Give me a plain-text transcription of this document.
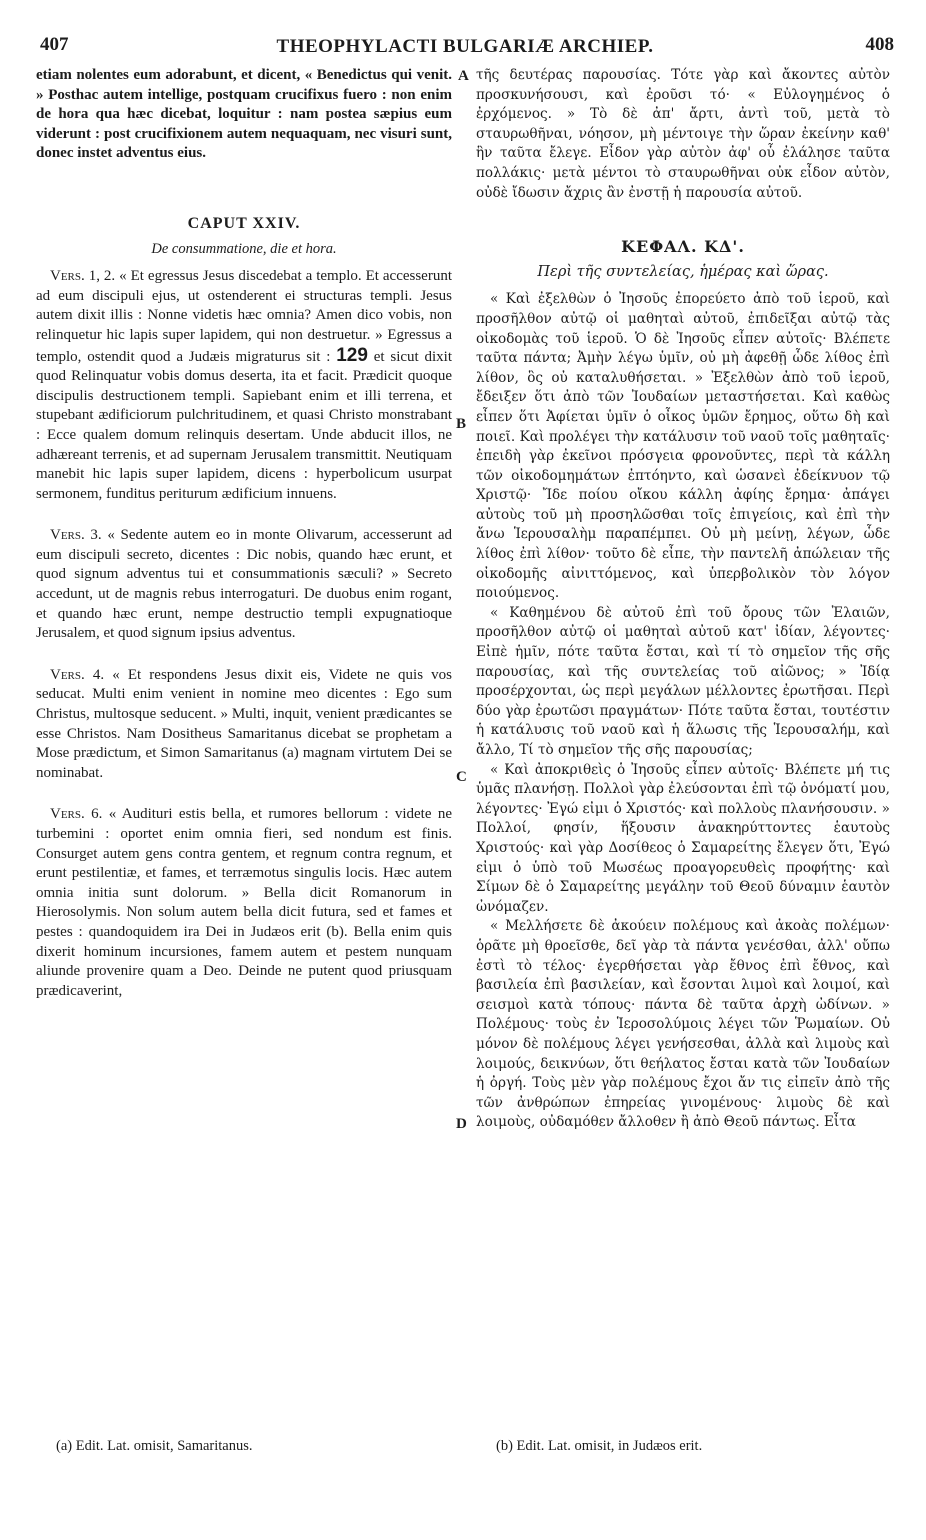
407	THEOPHYLACTI BULGARIÆ ARCHIEP.	408
A
B
C
D

etiam nolentes eum adorabunt, et dicent, « Benedictus qui venit. » Posthac autem intellige, postquam crucifixus fuero : non enim de hora qua hæc dicebat, loquitur : nam postea sæpius eum viderunt : post crucifixionem autem nequaquam, nec visuri sunt, donec instet adventus eius.

CAPUT XXIV.
De consummatione, die et hora.

Vers. 1, 2. « Et egressus Jesus discedebat a templo. Et accesserunt ad eum discipuli ejus, ut ostenderent ei structuras templi. Jesus autem dixit illis : Nonne videtis hæc omnia? Amen dico vobis, non relinquetur hic lapis super lapidem, qui non destruetur. » Egressus a templo, ostendit quod a Judæis migraturus sit : 129 et sicut dixit quod Relinquatur vobis domus deserta, ita et facit. Prædicit quoque discipulis destructionem templi. Sapiebant enim et illi terrena, et stupebant ædificiorum pulchritudinem, et quasi Christo monstrabant : Ecce qualem domum relinquis desertam. Unde abducit illos, ne adhæreant terrenis, et ad supernam Jerusalem transmittit. Neutiquam manebit hic lapis super lapidem, dicens : hyperbolicum usurpat sermonem, funditus periturum ædificium innuens.

Vers. 3. « Sedente autem eo in monte Olivarum, accesserunt ad eum discipuli secreto, dicentes : Dic nobis, quando hæc erunt, et quod signum adventus tui et consummationis sæculi? » Secreto accedunt, ut de magnis rebus interrogaturi. De duobus enim rogant, et quando hæc erunt, nempe destructio templi expugnatioque Jerusalem, et quod signum ipsius adventus.

Vers. 4. « Et respondens Jesus dixit eis, Videte ne quis vos seducat. Multi enim venient in nomine meo dicentes : Ego sum Christus, multosque seducent. » Multi, inquit, venient prædicantes se esse Christos. Nam Dositheus Samaritanus dicebat se prophetam a Mose prædictum, et Simon Samaritanus (a) magnam virtutem Dei se nominabat.

Vers. 6. « Audituri estis bella, et rumores bellorum : videte ne turbemini : oportet enim omnia fieri, sed nondum est finis. Consurget autem gens contra gentem, et regnum contra regnum, et erunt pestilentiæ, et fames, et terræmotus singulis locis. Hæc autem omnia initia sunt dolorum. » Bella dicit Romanorum in Hierosolymis. Non solum autem bella dicit futura, sed et fames et pestes : quandoquidem ira Dei in Judæos erit (b). Bella enim quis dixerit hominum incursiones, famem autem et pestem nunquam aliunde provenire quam a Deo. Deinde ne putent quod priusquam prædicaverint,

τῆς δευτέρας παρουσίας. Τότε γὰρ καὶ ἄκοντες αὐτὸν προσκυνήσουσι, καὶ ἐροῦσι τό· « Εὐλογημένος ὁ ἐρχόμενος. » Τὸ δὲ ἀπ' ἄρτι, ἀντὶ τοῦ, μετὰ τὸ σταυρωθῆναι, νόησον, μὴ μέντοιγε τὴν ὥραν ἐκείνην καθ' ἣν ταῦτα ἔλεγε. Εἶδον γὰρ αὐτὸν ἀφ' οὗ ἐλάλησε ταῦτα πολλάκις· μετὰ μέντοι τὸ σταυρωθῆναι οὐκ εἶδον αὐτὸν, οὐδὲ ἴδωσιν ἄχρις ἂν ἐνστῇ ἡ παρουσία αὐτοῦ.

ΚΕΦΑΛ. ΚΔ'.
Περὶ τῆς συντελείας, ἡμέρας καὶ ὥρας.

« Καὶ ἐξελθὼν ὁ Ἰησοῦς ἐπορεύετο ἀπὸ τοῦ ἱεροῦ, καὶ προσῆλθον αὐτῷ οἱ μαθηταὶ αὐτοῦ, ἐπιδεῖξαι αὐτῷ τὰς οἰκοδομὰς τοῦ ἱεροῦ. Ὁ δὲ Ἰησοῦς εἶπεν αὐτοῖς· Βλέπετε ταῦτα πάντα; Ἀμὴν λέγω ὑμῖν, οὐ μὴ ἀφεθῇ ὧδε λίθος ἐπὶ λίθον, ὃς οὐ καταλυθήσεται. » Ἐξελθὼν ἀπὸ τοῦ ἱεροῦ, ἔδειξεν ὅτι ἀπὸ τῶν Ἰουδαίων μεταστήσεται. Καὶ καθὼς εἶπεν ὅτι Ἀφίεται ὑμῖν ὁ οἶκος ὑμῶν ἔρημος, οὕτω δὴ καὶ ποιεῖ. Καὶ προλέγει τὴν κατάλυσιν τοῦ ναοῦ τοῖς μαθηταῖς· ἐπειδὴ γὰρ ἐκεῖνοι πρόσγεια φρονοῦντες, περὶ τὰ κάλλη τῶν οἰκοδομημάτων ἐπτόηντο, καὶ ὡσανεὶ ἐδείκνυον τῷ Χριστῷ· Ἴδε ποίου οἴκου κάλλη ἀφίης ἔρημα· ἀπάγει αὐτοὺς τοῦ μὴ προσηλῶσθαι τοῖς ἐπιγείοις, καὶ ἐπὶ τὴν ἄνω Ἱερουσαλὴμ παραπέμπει. Οὐ μὴ μείνῃ, λέγων, ὧδε λίθος ἐπὶ λίθον· τοῦτο δὲ εἶπε, τὴν παντελῆ ἀπώλειαν τῆς οἰκοδομῆς αἰνιττόμενος, καὶ ὑπερβολικὸν τὸν λόγον ποιούμενος.

« Καθημένου δὲ αὐτοῦ ἐπὶ τοῦ ὄρους τῶν Ἐλαιῶν, προσῆλθον αὐτῷ οἱ μαθηταὶ αὐτοῦ κατ' ἰδίαν, λέγοντες· Εἰπὲ ἡμῖν, πότε ταῦτα ἔσται, καὶ τί τὸ σημεῖον τῆς σῆς παρουσίας, καὶ τῆς συντελείας τοῦ αἰῶνος; » Ἰδίᾳ προσέρχονται, ὡς περὶ μεγάλων μέλλοντες ἐρωτῆσαι. Περὶ δύο γὰρ ἐρωτῶσι πραγμάτων· Πότε ταῦτα ἔσται, τουτέστιν ἡ κατάλυσις τοῦ ναοῦ καὶ ἡ ἅλωσις τῆς Ἱερουσαλήμ, καὶ ἄλλο, Τί τὸ σημεῖον τῆς σῆς παρουσίας;

« Καὶ ἀποκριθεὶς ὁ Ἰησοῦς εἶπεν αὐτοῖς· Βλέπετε μή τις ὑμᾶς πλανήσῃ. Πολλοὶ γὰρ ἐλεύσονται ἐπὶ τῷ ὀνόματί μου, λέγοντες· Ἐγώ εἰμι ὁ Χριστός· καὶ πολλοὺς πλανήσουσιν. » Πολλοί, φησίν, ἥξουσιν ἀνακηρύττοντες ἑαυτοὺς Χριστούς· καὶ γὰρ Δοσίθεος ὁ Σαμαρείτης ἔλεγεν ὅτι, Ἐγώ εἰμι ὁ ὑπὸ τοῦ Μωσέως προαγορευθεὶς προφήτης· καὶ Σίμων δὲ ὁ Σαμαρείτης μεγάλην τοῦ Θεοῦ δύναμιν ἑαυτὸν ὠνόμαζεν.

« Μελλήσετε δὲ ἀκούειν πολέμους καὶ ἀκοὰς πολέμων· ὁρᾶτε μὴ θροεῖσθε, δεῖ γὰρ τὰ πάντα γενέσθαι, ἀλλ' οὔπω ἐστὶ τὸ τέλος· ἐγερθήσεται γὰρ ἔθνος ἐπὶ ἔθνος, καὶ βασιλεία ἐπὶ βασιλείαν, καὶ ἔσονται λιμοὶ καὶ λοιμοί, καὶ σεισμοὶ κατὰ τόπους· πάντα δὲ ταῦτα ἀρχὴ ὠδίνων. » Πολέμους· τοὺς ἐν Ἱεροσολύμοις λέγει τῶν Ῥωμαίων. Οὐ μόνον δὲ πολέμους λέγει γενήσεσθαι, ἀλλὰ καὶ λιμοὺς καὶ λοιμούς, δεικνύων, ὅτι θεήλατος ἔσται κατὰ τῶν Ἰουδαίων ἡ ὀργή. Τοὺς μὲν γὰρ πολέμους ἔχοι ἄν τις εἰπεῖν ἀπὸ τῆς τῶν ἀνθρώπων ἐπηρείας γινομένους· λιμοὺς δὲ καὶ λοιμοὺς, οὐδαμόθεν ἄλλοθεν ἢ ἀπὸ Θεοῦ πάντως. Εἶτα

(a) Edit. Lat. omisit, Samaritanus.	(b) Edit. Lat. omisit, in Judæos erit.
